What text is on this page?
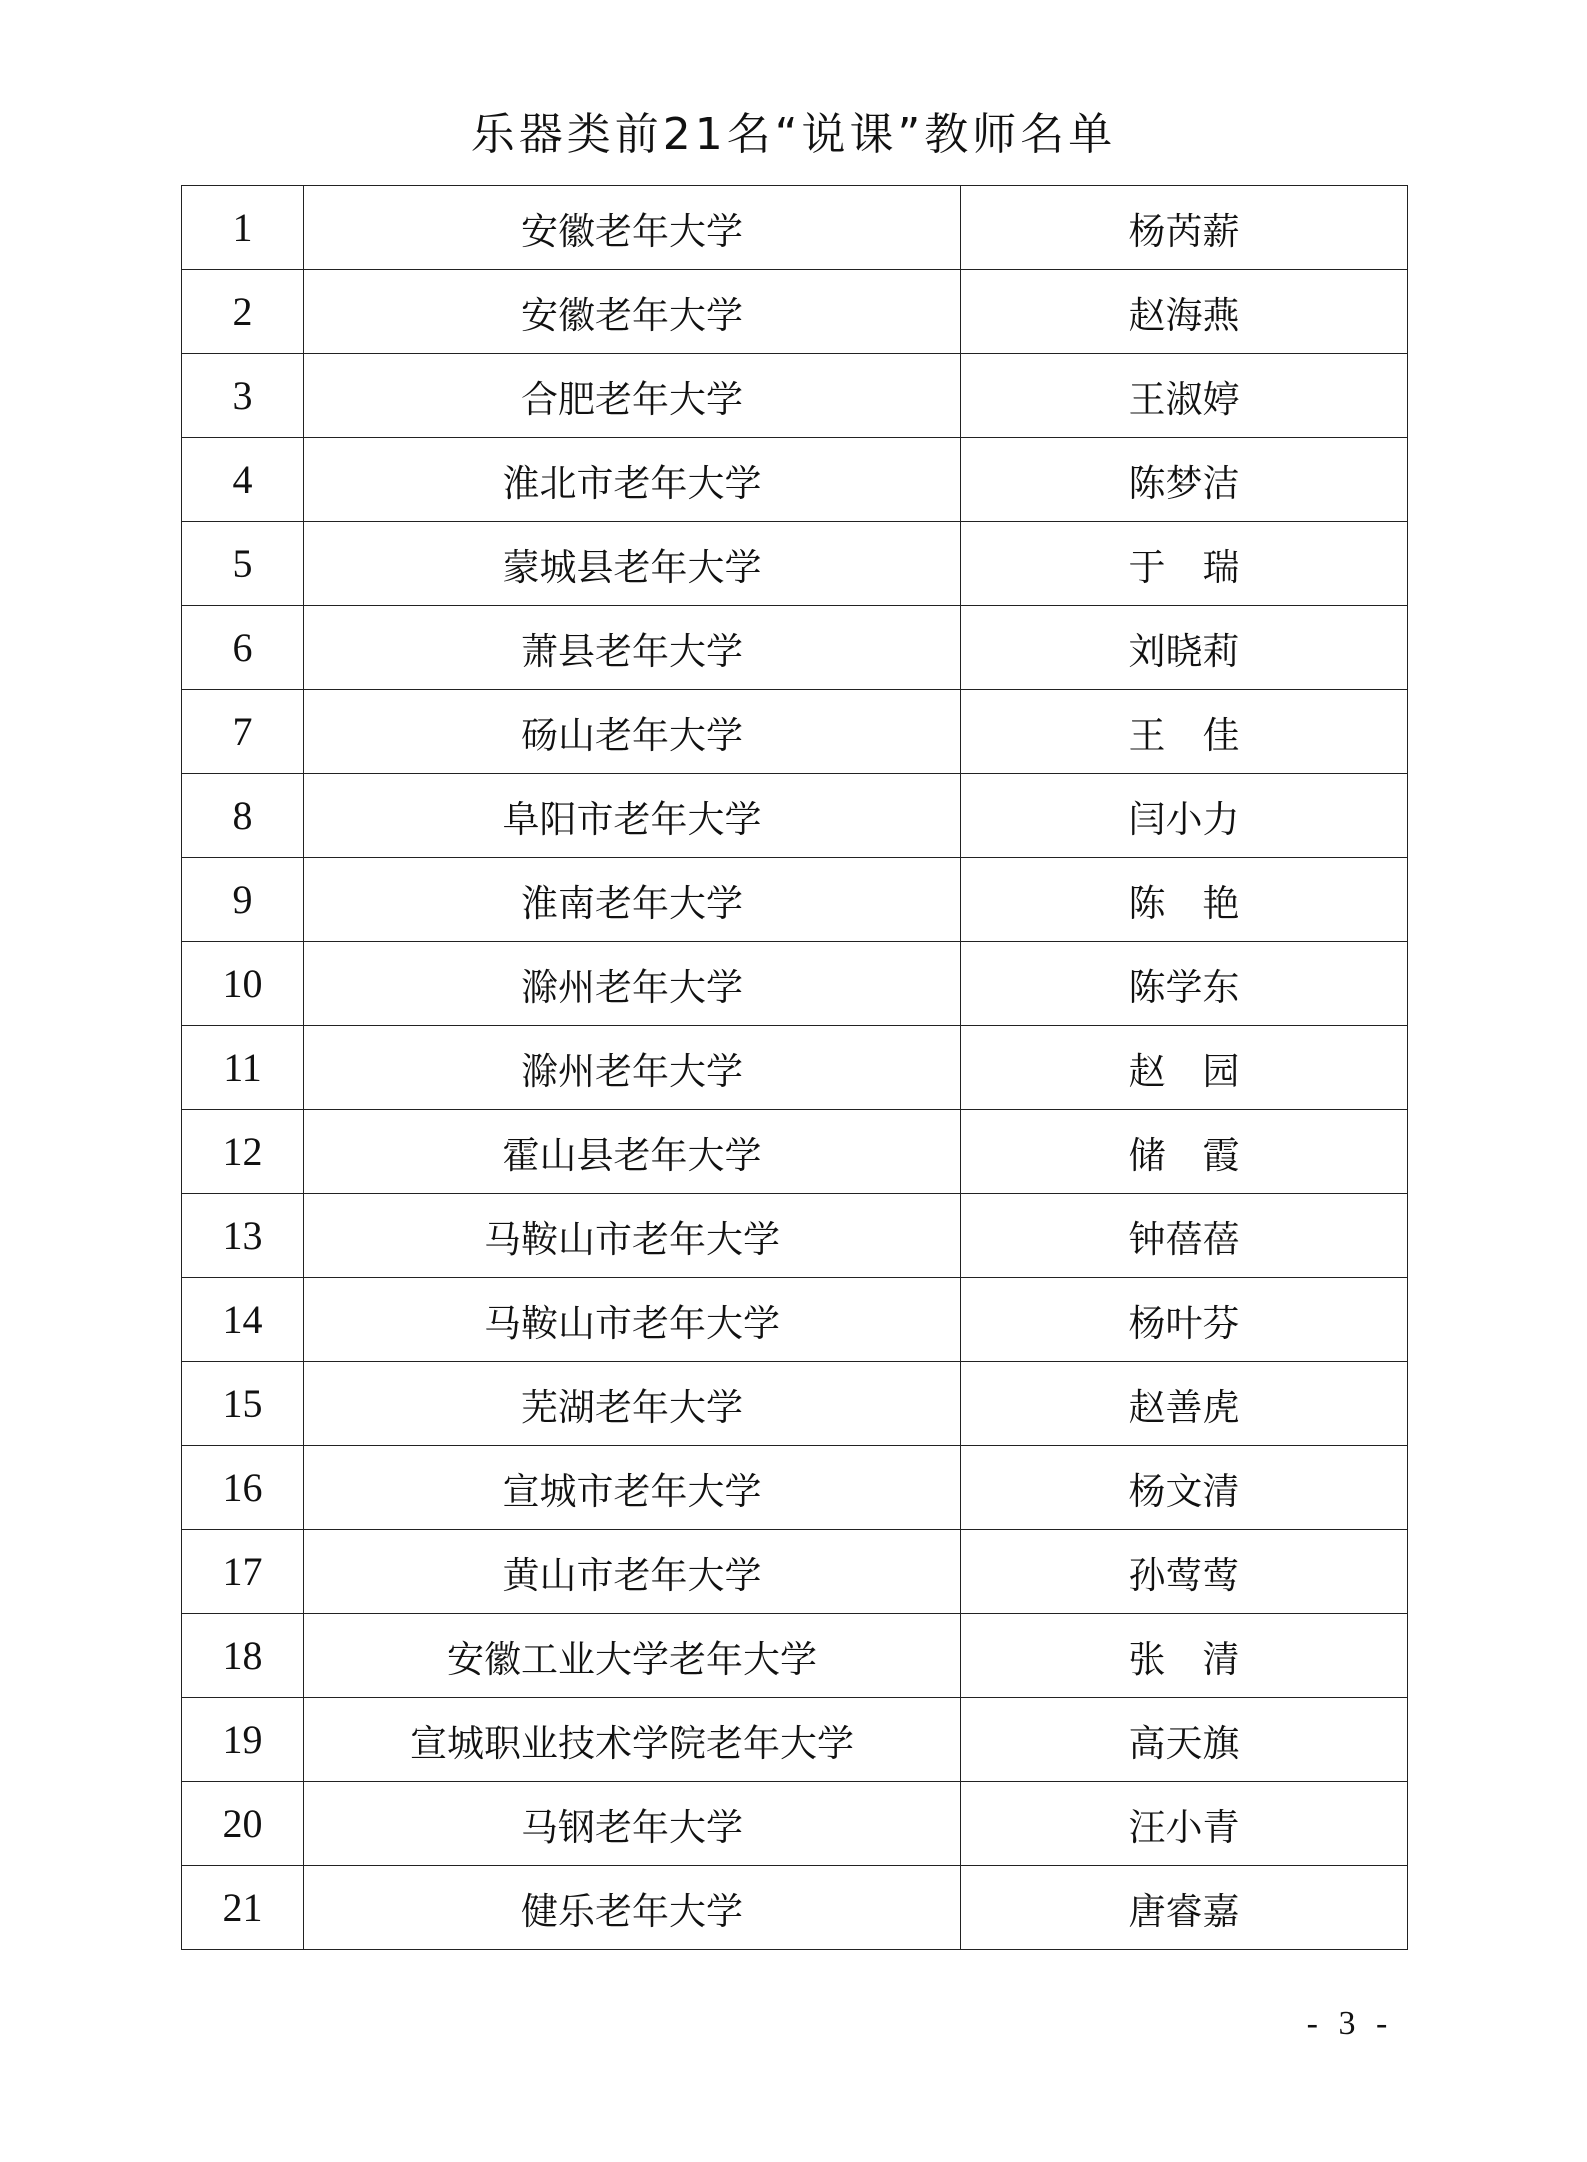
乐器类前21名“说课”教师名单
1	安徽老年大学	杨芮薪
2	安徽老年大学	赵海燕
3	合肥老年大学	王淑婷
4	淮北市老年大学	陈梦洁
5	蒙城县老年大学	于　瑞
6	萧县老年大学	刘晓莉
7	砀山老年大学	王　佳
8	阜阳市老年大学	闫小力
9	淮南老年大学	陈　艳
10	滁州老年大学	陈学东
11	滁州老年大学	赵　园
12	霍山县老年大学	储　霞
13	马鞍山市老年大学	钟蓓蓓
14	马鞍山市老年大学	杨叶芬
15	芜湖老年大学	赵善虎
16	宣城市老年大学	杨文清
17	黄山市老年大学	孙莺莺
18	安徽工业大学老年大学	张　清
19	宣城职业技术学院老年大学	高天旗
20	马钢老年大学	汪小青
21	健乐老年大学	唐睿嘉
- 3 -
